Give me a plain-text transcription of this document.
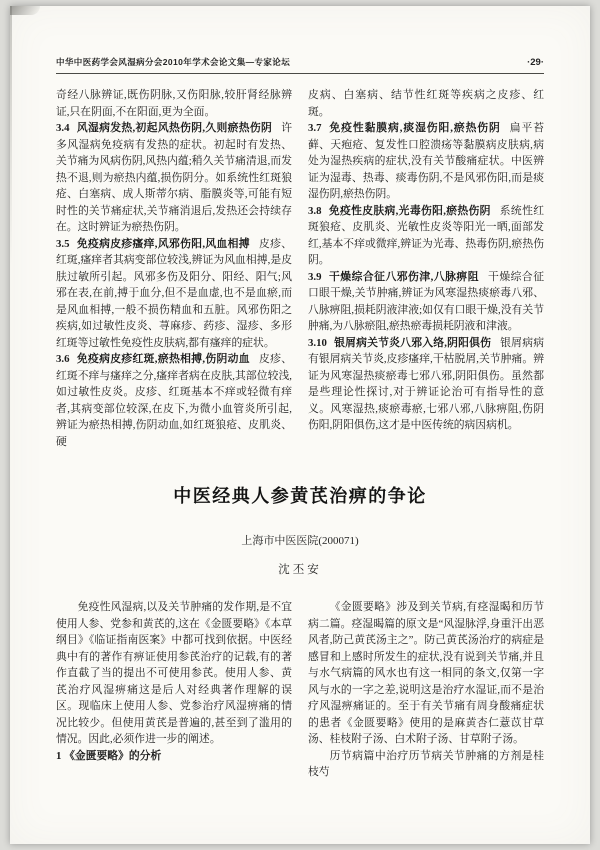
中华中医药学会风湿病分会2010年学术会论文集—专家论坛	·29·

奇经八脉辨证,既伤阴脉,又伤阳脉,较肝肾经脉辨证,只在阴面,不在阳面,更为全面。

3.4 风湿病发热,初起风热伤阴,久则瘀热伤阴 许多风湿病免疫病有发热的症状。初起时有发热、关节痛为风病伤阴,风热内蕴;稍久关节痛清退,而发热不退,则为瘀热内蕴,损伤阴分。如系统性红斑狼疮、白塞病、成人斯蒂尔病、脂膜炎等,可能有短时性的关节痛症状,关节痛消退后,发热还会持续存在。这时辨证为瘀热伤阴。

3.5 免疫病皮疹瘙痒,风邪伤阳,风血相搏 皮疹、红斑,瘙痒者其病变部位较浅,辨证为风血相搏,是皮肤过敏所引起。风邪多伤及阳分、阳经、阳气;风邪在表,在前,搏于血分,但不是血虚,也不是血瘀,而是风血相搏,一般不损伤精血和五脏。风邪伤阳之疾病,如过敏性皮炎、荨麻疹、药疹、湿疹、多形红斑等过敏性免疫性皮肤病,都有瘙痒的症状。

3.6 免疫病皮疹红斑,瘀热相搏,伤阴动血 皮疹、红斑不痒与瘙痒之分,瘙痒者病在皮肤,其部位较浅,如过敏性皮炎。皮疹、红斑基本不痒或轻微有痒者,其病变部位较深,在皮下,为微小血管炎所引起,辨证为瘀热相搏,伤阴动血,如红斑狼疮、皮肌炎、硬

皮病、白塞病、结节性红斑等疾病之皮疹、红斑。

3.7 免疫性黏膜病,痰湿伤阳,瘀热伤阴 扁平苔藓、天疱疮、复发性口腔溃疡等黏膜病皮肤病,病处为湿热疾病的症状,没有关节酸痛症状。中医辨证为湿毒、热毒、痰毒伤阴,不是风邪伤阳,而是痰湿伤阴,瘀热伤阴。

3.8 免疫性皮肤病,光毒伤阳,瘀热伤阴 系统性红斑狼疮、皮肌炎、光敏性皮炎等阳光一晒,面部发红,基本不痒或微痒,辨证为光毒、热毒伤阴,瘀热伤阴。

3.9 干燥综合征八邪伤津,八脉痹阻 干燥综合征口眼干燥,关节肿痛,辨证为风寒湿热痰瘀毒八邪、八脉痹阻,损耗阴液津液;如仅有口眼干燥,没有关节肿痛,为八脉瘀阻,瘀热瘀毒损耗阴液和津液。

3.10 银屑病关节炎八邪入络,阴阳俱伤 银屑病病有银屑病关节炎,皮疹瘙痒,干枯脱屑,关节肿痛。辨证为风寒湿热痰瘀毒七邪八邪,阴阳俱伤。虽然都是些理论性探讨,对于辨证论治可有指导性的意义。风寒湿热,痰瘀毒瘀,七邪八邪,八脉痹阻,伤阴伤阳,阴阳俱伤,这才是中医传统的病因病机。

中医经典人参黄芪治痹的争论
上海市中医医院(200071)
沈丕安

免疫性风湿病,以及关节肿痛的发作期,是不宜使用人参、党参和黄芪的,这在《金匮要略》《本草纲目》《临证指南医案》中都可找到依据。中医经典中有的著作有痹证使用参芪治疗的记载,有的著作直截了当的提出不可使用参芪。使用人参、黄芪治疗风湿痹痛这是后人对经典著作理解的误区。现临床上使用人参、党参治疗风湿痹痛的情况比较少。但使用黄芪是普遍的,甚至到了滥用的情况。因此,必须作进一步的阐述。

1 《金匮要略》的分析

《金匮要略》涉及到关节病,有痉湿暍和历节病二篇。痉湿暍篇的原文是“风湿脉浮,身重汗出恶风者,防己黄芪汤主之”。防己黄芪汤治疗的病症是感冒和上感时所发生的症状,没有说到关节痛,并且与水气病篇的风水也有这一相同的条文,仅第一字风与水的一字之差,说明这是治疗水湿证,而不是治疗风湿痹痛证的。至于有关节痛有周身酸痛症状的患者《金匮要略》使用的是麻黄杏仁薏苡甘草汤、桂枝附子汤、白术附子汤、甘草附子汤。

历节病篇中治疗历节病关节肿痛的方剂是桂枝芍
